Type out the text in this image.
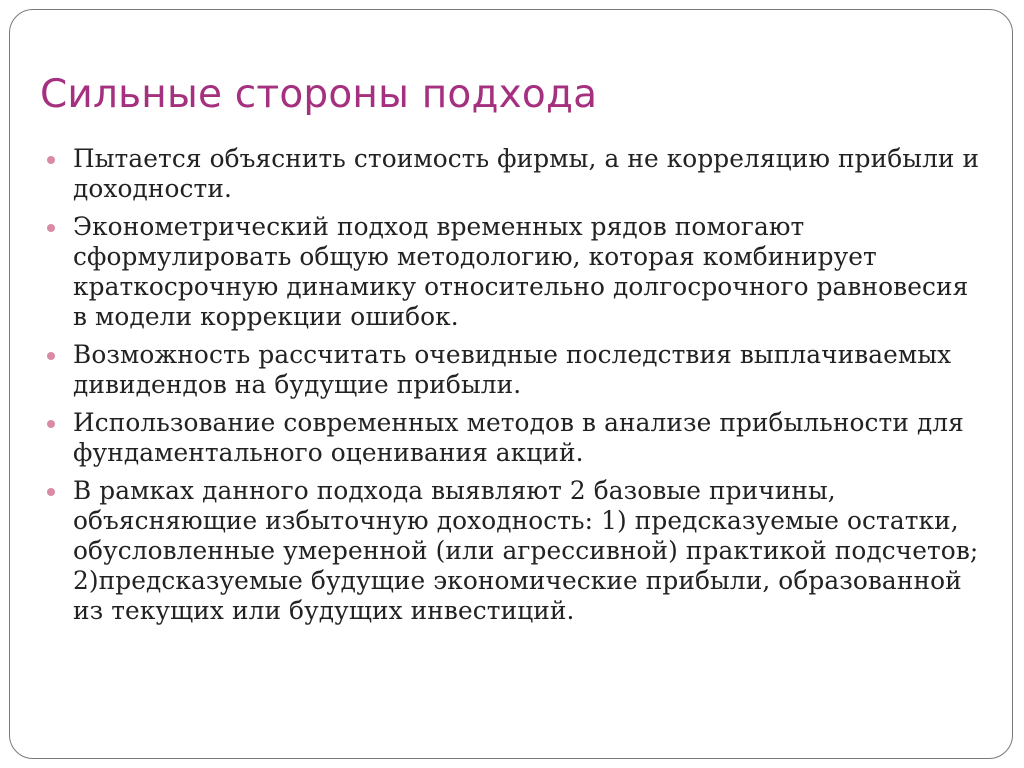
Сильные стороны подхода
Пытается объяснить стоимость фирмы, а не корреляцию прибыли и доходности.
Эконометрический подход временных рядов помогают сформулировать общую методологию, которая комбинирует краткосрочную динамику относительно долгосрочного равновесия в модели коррекции ошибок.
Возможность рассчитать очевидные последствия выплачиваемых дивидендов на будущие прибыли.
Использование современных методов в анализе прибыльности для фундаментального оценивания акций.
В рамках данного подхода выявляют 2 базовые причины, объясняющие избыточную доходность: 1) предсказуемые остатки, обусловленные умеренной (или агрессивной) практикой подсчетов; 2)предсказуемые будущие экономические прибыли, образованной из текущих или будущих инвестиций.
